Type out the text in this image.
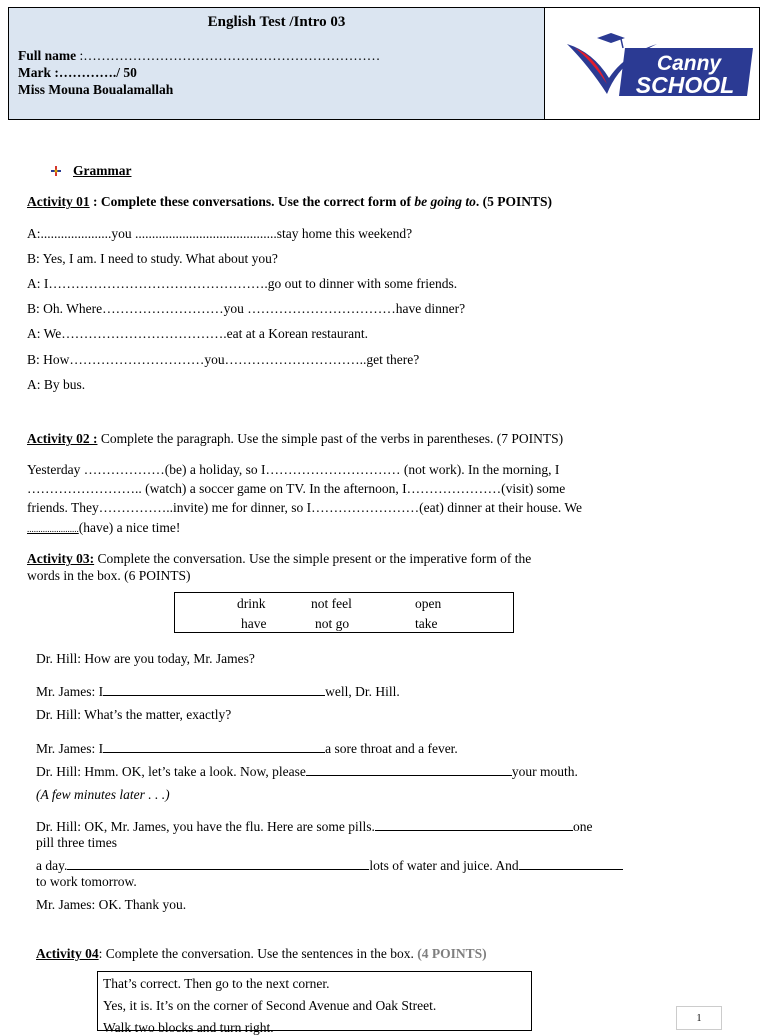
English Test /Intro 03
Full name :…………………………………………………………
Mark :…………./ 50
Miss Mouna Boualamallah
Canny
SCHOOL
Grammar
Activity 01 : Complete these conversations. Use the correct form of be going to. (5 POINTS)
A:.....................you ..........................................stay home this weekend?
B: Yes, I am. I need to study. What about you?
A: I………………………………………….go out to dinner with some friends.
B: Oh. Where………………………you ……………………………have dinner?
A: We……………………………….eat at a Korean restaurant.
B: How…………………………you…………………………..get there?
A: By bus.
Activity 02 : Complete the paragraph. Use the simple past of the verbs in parentheses. (7 POINTS)
Yesterday ………………(be) a holiday, so I………………………… (not work). In the morning, I
…………………….. (watch) a soccer game on TV. In the afternoon, I…………………(visit) some
friends. They……………..invite) me for dinner, so I……………………(eat) dinner at their house. We
.......................(have) a nice time!
Activity 03: Complete the conversation. Use the simple present or the imperative form of the
words in the box. (6 POINTS)
drink	not feel	open
have	not go	take
Dr. Hill: How are you today, Mr. James?
Mr. James: I	well, Dr. Hill.
Dr. Hill: What’s the matter, exactly?
Mr. James: I	a sore throat and a fever.
Dr. Hill: Hmm. OK, let’s take a look. Now, please	your mouth.
(A few minutes later . . .)
Dr. Hill: OK, Mr. James, you have the flu. Here are some pills.	one
pill three times
a day.	lots of water and juice. And
to work tomorrow.
Mr. James: OK. Thank you.
Activity 04: Complete the conversation. Use the sentences in the box. (4 POINTS)
That’s correct. Then go to the next corner.
Yes, it is. It’s on the corner of Second Avenue and Oak Street.
Walk two blocks and turn right.
1
